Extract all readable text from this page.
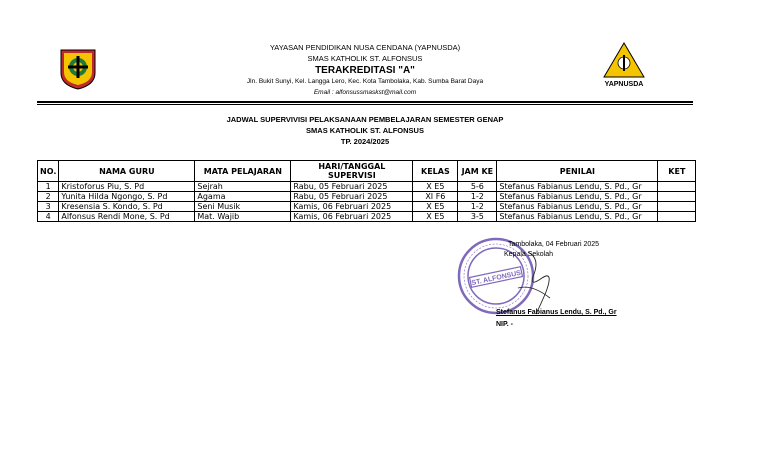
YAYASAN PENDIDIKAN NUSA CENDANA (YAPNUSDA)
SMAS KATHOLIK ST. ALFONSUS
TERAKREDITASI "A"
Jln. Bukit Sunyi, Kel. Langga Lero, Kec. Kota Tambolaka, Kab. Sumba Barat Daya
Email : alfonsussmaskst@mail.com
YAPNUSDA
JADWAL SUPERVIVISI PELAKSANAAN PEMBELAJARAN SEMESTER GENAP
SMAS KATHOLIK ST. ALFONSUS
TP. 2024/2025
NO.	NAMA GURU	MATA PELAJARAN	HARI/TANGGAL SUPERVISI	KELAS	JAM KE	PENILAI	KET
1	Kristoforus Piu, S. Pd	Sejrah	Rabu, 05 Februari 2025	X E5	5-6	Stefanus Fabianus Lendu, S. Pd., Gr	
2	Yunita Hilda Ngongo, S. Pd	Agama	Rabu, 05 Februari 2025	XI F6	1-2	Stefanus Fabianus Lendu, S. Pd., Gr	
3	Kresensia S. Kondo, S. Pd	Seni Musik	Kamis, 06 Februari 2025	X E5	1-2	Stefanus Fabianus Lendu, S. Pd., Gr	
4	Alfonsus Rendi Mone, S. Pd	Mat. Wajib	Kamis, 06 Februari 2025	X E5	3-5	Stefanus Fabianus Lendu, S. Pd., Gr	
ST. ALFONSUS
Tambolaka, 04 Februari 2025
Kepala Sekolah
Stefanus Fabianus Lendu, S. Pd., Gr
NIP. -
